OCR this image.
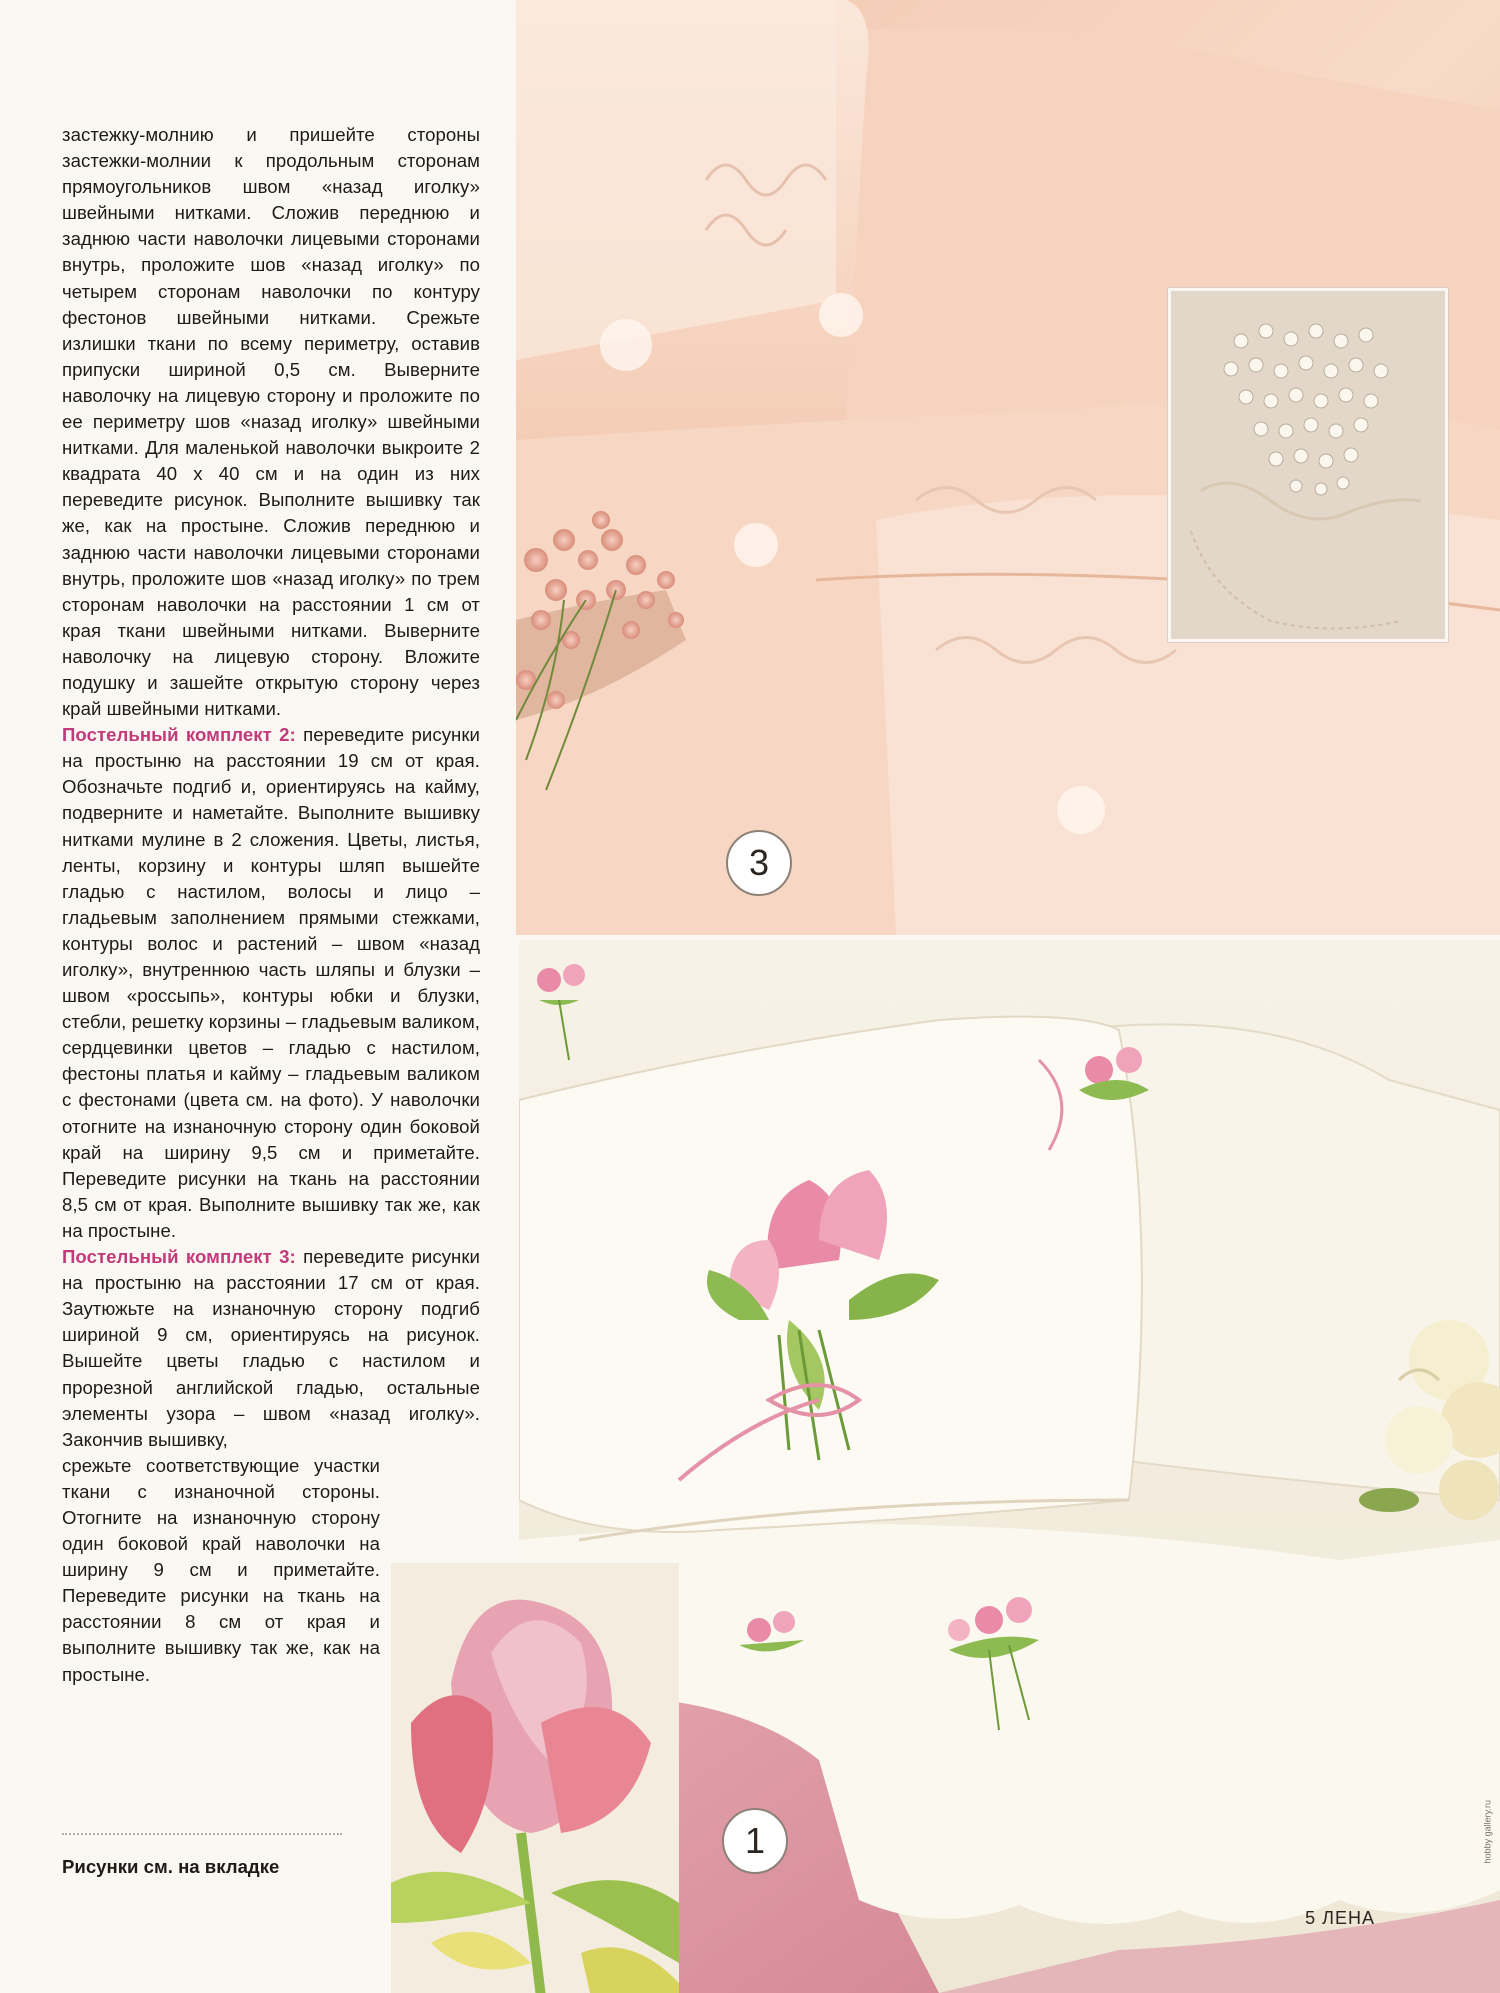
застежку-молнию и пришейте стороны застежки-молнии к продольным сторонам прямоугольников швом «назад иголку» швейными нитками. Сложив переднюю и заднюю части наволочки лицевыми сторонами внутрь, проложите шов «назад иголку» по четырем сторонам наволочки по контуру фестонов швейными нитками. Срежьте излишки ткани по всему периметру, оставив припуски шириной 0,5 см. Выверните наволочку на лицевую сторону и проложите по ее периметру шов «назад иголку» швейными нитками. Для маленькой наволочки выкроите 2 квадрата 40 х 40 см и на один из них переведите рисунок. Выполните вышивку так же, как на простыне. Сложив переднюю и заднюю части наволочки лицевыми сторонами внутрь, проложите шов «назад иголку» по трем сторонам наволочки на расстоянии 1 см от края ткани швейными нитками. Выверните наволочку на лицевую сторону. Вложите подушку и зашейте открытую сторону через край швейными нитками.

Постельный комплект 2: переведите рисунки на простыню на расстоянии 19 см от края. Обозначьте подгиб и, ориентируясь на кайму, подверните и наметайте. Выполните вышивку нитками мулине в 2 сложения. Цветы, листья, ленты, корзину и контуры шляп вышейте гладью с настилом, волосы и лицо – гладьевым заполнением прямыми стежками, контуры волос и растений – швом «назад иголку», внутреннюю часть шляпы и блузки – швом «россыпь», контуры юбки и блузки, стебли, решетку корзины – гладьевым валиком, сердцевинки цветов – гладью с настилом, фестоны платья и кайму – гладьевым валиком с фестонами (цвета см. на фото). У наволочки отогните на изнаночную сторону один боковой край на ширину 9,5 см и приметайте. Переведите рисунки на ткань на расстоянии 8,5 см от края. Выполните вышивку так же, как на простыне.

Постельный комплект 3: переведите рисунки на простыню на расстоянии 17 см от края. Заутюжьте на изнаночную сторону подгиб шириной 9 см, ориентируясь на рисунок. Вышейте цветы гладью с настилом и прорезной английской гладью, остальные элементы узора – швом «назад иголку». Закончив вышивку,

срежьте соответствующие участки ткани с изнаночной стороны. Отогните на изнаночную сторону один боковой край наволочки на ширину 9 см и приметайте. Переведите рисунки на ткань на расстоянии 8 см от края и выполните вышивку так же, как на простыне.

Рисунки см. на вкладке
3
1
5 ЛЕНА
hobby gallery.ru
